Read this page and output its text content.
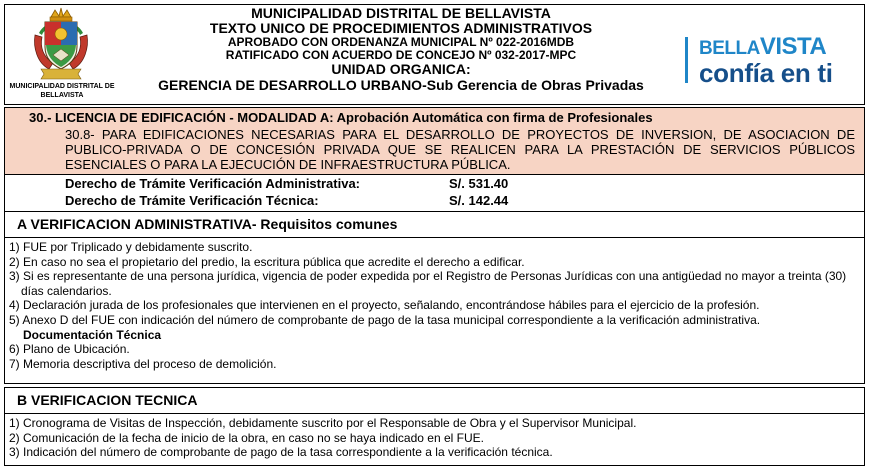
MUNICIPALIDAD DISTRITAL DE BELLAVISTA
MUNICIPALIDAD DISTRITAL DE BELLAVISTA
TEXTO UNICO DE PROCEDIMIENTOS ADMINISTRATIVOS
APROBADO CON ORDENANZA MUNICIPAL Nº 022-2016MDB
RATIFICADO CON ACUERDO DE CONCEJO Nº 032-2017-MPC
UNIDAD ORGANICA:
GERENCIA DE DESARROLLO URBANO-Sub Gerencia de Obras Privadas
BELLAVISTA
confía en ti
30.- LICENCIA DE EDIFICACIÓN - MODALIDAD A: Aprobación Automática con firma de Profesionales
30.8- PARA EDIFICACIONES NECESARIAS PARA EL DESARROLLO DE PROYECTOS DE INVERSION, DE ASOCIACION DE PUBLICO-PRIVADA O DE CONCESIÓN PRIVADA QUE SE REALICEN PARA LA PRESTACIÓN DE SERVICIOS PÚBLICOS ESENCIALES O PARA LA EJECUCIÓN DE INFRAESTRUCTURA PÚBLICA.
Derecho de Trámite Verificación Administrativa:	S/. 531.40
Derecho de Trámite Verificación Técnica:	S/. 142.44
A VERIFICACION ADMINISTRATIVA- Requisitos comunes
1) FUE por Triplicado y debidamente suscrito.
2) En caso no sea el propietario del predio, la escritura pública que acredite el derecho a edificar.
3) Si es representante de una persona jurídica, vigencia de poder expedida por el Registro de Personas Jurídicas con una antigüedad no mayor a treinta (30) días calendarios.
4) Declaración jurada de los profesionales que intervienen en el proyecto, señalando, encontrándose hábiles para el ejercicio de la profesión.
5) Anexo D del FUE con indicación del número de comprobante de pago de la tasa municipal correspondiente a la verificación administrativa.
Documentación Técnica
6) Plano de Ubicación.
7) Memoria descriptiva del proceso de demolición.
B VERIFICACION TECNICA
1) Cronograma de Visitas de Inspección, debidamente suscrito por el Responsable de Obra y el Supervisor Municipal.
2) Comunicación de la fecha de inicio de la obra, en caso no se haya indicado en el FUE.
3) Indicación del número de comprobante de pago de la tasa correspondiente a la verificación técnica.
